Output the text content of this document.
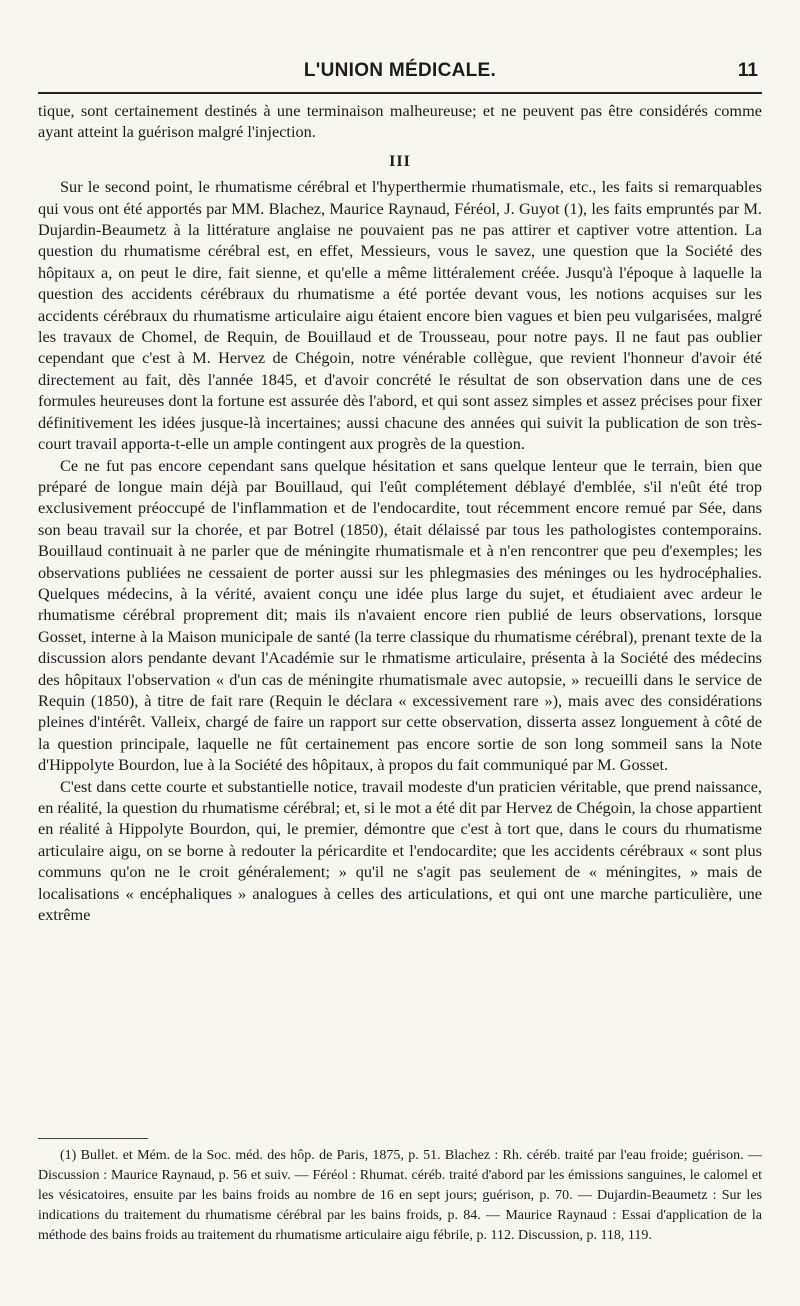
L'UNION MÉDICALE.	11

tique, sont certainement destinés à une terminaison malheureuse; et ne peuvent pas être considérés comme ayant atteint la guérison malgré l'injection.

III

Sur le second point, le rhumatisme cérébral et l'hyperthermie rhumatismale, etc., les faits si remarquables qui vous ont été apportés par MM. Blachez, Maurice Raynaud, Féréol, J. Guyot (1), les faits empruntés par M. Dujardin-Beaumetz à la littérature anglaise ne pouvaient pas ne pas attirer et captiver votre attention. La question du rhumatisme cérébral est, en effet, Messieurs, vous le savez, une question que la Société des hôpitaux a, on peut le dire, fait sienne, et qu'elle a même littéralement créée. Jusqu'à l'époque à laquelle la question des accidents cérébraux du rhumatisme a été portée devant vous, les notions acquises sur les accidents cérébraux du rhumatisme articulaire aigu étaient encore bien vagues et bien peu vulgarisées, malgré les travaux de Chomel, de Requin, de Bouillaud et de Trousseau, pour notre pays. Il ne faut pas oublier cependant que c'est à M. Hervez de Chégoin, notre vénérable collègue, que revient l'honneur d'avoir été directement au fait, dès l'année 1845, et d'avoir concrété le résultat de son observation dans une de ces formules heureuses dont la fortune est assurée dès l'abord, et qui sont assez simples et assez précises pour fixer définitivement les idées jusque-là incertaines; aussi chacune des années qui suivit la publication de son très-court travail apporta-t-elle un ample contingent aux progrès de la question.

Ce ne fut pas encore cependant sans quelque hésitation et sans quelque lenteur que le terrain, bien que préparé de longue main déjà par Bouillaud, qui l'eût complétement déblayé d'emblée, s'il n'eût été trop exclusivement préoccupé de l'inflammation et de l'endocardite, tout récemment encore remué par Sée, dans son beau travail sur la chorée, et par Botrel (1850), était délaissé par tous les pathologistes contemporains. Bouillaud continuait à ne parler que de méningite rhumatismale et à n'en rencontrer que peu d'exemples; les observations publiées ne cessaient de porter aussi sur les phlegmasies des méninges ou les hydrocéphalies. Quelques médecins, à la vérité, avaient conçu une idée plus large du sujet, et étudiaient avec ardeur le rhumatisme cérébral proprement dit; mais ils n'avaient encore rien publié de leurs observations, lorsque Gosset, interne à la Maison municipale de santé (la terre classique du rhumatisme cérébral), prenant texte de la discussion alors pendante devant l'Académie sur le rhmatisme articulaire, présenta à la Société des médecins des hôpitaux l'observation « d'un cas de méningite rhumatismale avec autopsie, » recueilli dans le service de Requin (1850), à titre de fait rare (Requin le déclara « excessivement rare »), mais avec des considérations pleines d'intérêt. Valleix, chargé de faire un rapport sur cette observation, disserta assez longuement à côté de la question principale, laquelle ne fût certainement pas encore sortie de son long sommeil sans la Note d'Hippolyte Bourdon, lue à la Société des hôpitaux, à propos du fait communiqué par M. Gosset.

C'est dans cette courte et substantielle notice, travail modeste d'un praticien véritable, que prend naissance, en réalité, la question du rhumatisme cérébral; et, si le mot a été dit par Hervez de Chégoin, la chose appartient en réalité à Hippolyte Bourdon, qui, le premier, démontre que c'est à tort que, dans le cours du rhumatisme articulaire aigu, on se borne à redouter la péricardite et l'endocardite; que les accidents cérébraux « sont plus communs qu'on ne le croit généralement; » qu'il ne s'agit pas seulement de « méningites, » mais de localisations « encéphaliques » analogues à celles des articulations, et qui ont une marche particulière, une extrême

(1) Bullet. et Mém. de la Soc. méd. des hôp. de Paris, 1875, p. 51. Blachez : Rh. céréb. traité par l'eau froide; guérison. — Discussion : Maurice Raynaud, p. 56 et suiv. — Féréol : Rhumat. céréb. traité d'abord par les émissions sanguines, le calomel et les vésicatoires, ensuite par les bains froids au nombre de 16 en sept jours; guérison, p. 70. — Dujardin-Beaumetz : Sur les indications du traitement du rhumatisme cérébral par les bains froids, p. 84. — Maurice Raynaud : Essai d'application de la méthode des bains froids au traitement du rhumatisme articulaire aigu fébrile, p. 112. Discussion, p. 118, 119.
